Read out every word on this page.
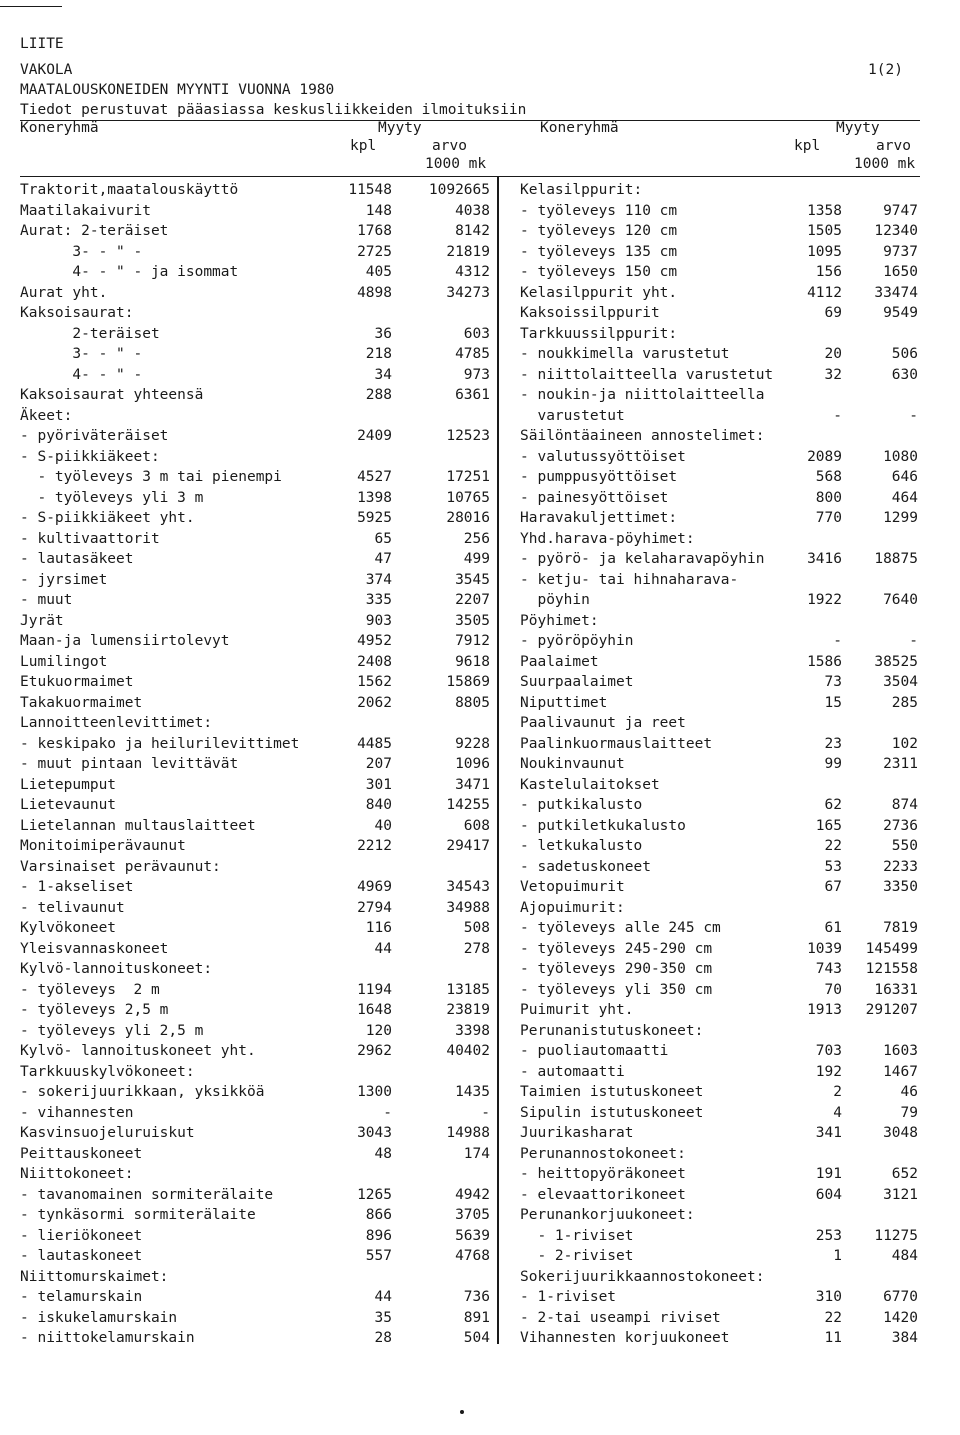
LIITE
VAKOLA	1(2)
MAATALOUSKONEIDEN MYYNTI VUONNA 1980
Tiedot perustuvat pääasiassa keskusliikkeiden ilmoituksiin
Koneryhmä	Myyty
kpl	arvo
1000 mk
Koneryhmä	Myyty
kpl	arvo
1000 mk
Traktorit,maatalouskäyttö	11548	1092665
Maatilakaivurit	148	4038
Aurat: 2-teräiset	1768	8142
3- - " -	2725	21819
4- - " - ja isommat	405	4312
Aurat yht.	4898	34273
Kaksoisaurat:
2-teräiset	36	603
3- - " -	218	4785
4- - " -	34	973
Kaksoisaurat yhteensä	288	6361
Äkeet:
- pyöriväteräiset	2409	12523
- S-piikkiäkeet:
- työleveys 3 m tai pienempi	4527	17251
- työleveys yli 3 m	1398	10765
- S-piikkiäkeet yht.	5925	28016
- kultivaattorit	65	256
- lautasäkeet	47	499
- jyrsimet	374	3545
- muut	335	2207
Jyrät	903	3505
Maan-ja lumensiirtolevyt	4952	7912
Lumilingot	2408	9618
Etukuormaimet	1562	15869
Takakuormaimet	2062	8805
Lannoitteenlevittimet:
- keskipako ja heilurilevittimet	4485	9228
- muut pintaan levittävät	207	1096
Lietepumput	301	3471
Lietevaunut	840	14255
Lietelannan multauslaitteet	40	608
Monitoimiperävaunut	2212	29417
Varsinaiset perävaunut:
- 1-akseliset	4969	34543
- telivaunut	2794	34988
Kylvökoneet	116	508
Yleisvannaskoneet	44	278
Kylvö-lannoituskoneet:
- työleveys  2 m	1194	13185
- työleveys 2,5 m	1648	23819
- työleveys yli 2,5 m	120	3398
Kylvö- lannoituskoneet yht.	2962	40402
Tarkkuuskylvökoneet:
- sokerijuurikkaan, yksikköä	1300	1435
- vihannesten	-	-
Kasvinsuojeluruiskut	3043	14988
Peittauskoneet	48	174
Niittokoneet:
- tavanomainen sormiterälaite	1265	4942
- tynkäsormi sormiterälaite	866	3705
- lieriökoneet	896	5639
- lautaskoneet	557	4768
Niittomurskaimet:
- telamurskain	44	736
- iskukelamurskain	35	891
- niittokelamurskain	28	504
Kelasilppurit:
- työleveys 110 cm	1358	9747
- työleveys 120 cm	1505 12340
- työleveys 135 cm	1095	9737
- työleveys 150 cm	156	1650
Kelasilppurit yht.	4112 33474
Kaksoissilppurit	69	9549
Tarkkuussilppurit:
- noukkimella varustetut	20	506
- niittolaitteella varustetut	32	630
- noukin-ja niittolaitteella
varustetut	-	-
Säilöntäaineen annostelimet:
- valutussyöttöiset	2089	1080
- pumppusyöttöiset	568	646
- painesyöttöiset	800	464
Haravakuljettimet:	770	1299
Yhd.harava-pöyhimet:
- pyörö- ja kelaharavapöyhin	3416 18875
- ketju- tai hihnaharava-
pöyhin	1922	7640
Pöyhimet:
- pyöröpöyhin	-	-
Paalaimet	1586 38525
Suurpaalaimet	73	3504
Niputtimet	15	285
Paalivaunut ja reet
Paalinkuormauslaitteet	23	102
Noukinvaunut	99	2311
Kastelulaitokset
- putkikalusto	62	874
- putkiletkukalusto	165	2736
- letkukalusto	22	550
- sadetuskoneet	53	2233
Vetopuimurit	67	3350
Ajopuimurit:
- työleveys alle 245 cm	61	7819
- työleveys 245-290 cm	1039 145499
- työleveys 290-350 cm	743 121558
- työleveys yli 350 cm	70 16331
Puimurit yht.	1913 291207
Perunanistutuskoneet:
- puoliautomaatti	703	1603
- automaatti	192	1467
Taimien istutuskoneet	2	46
Sipulin istutuskoneet	4	79
Juurikasharat	341	3048
Perunannostokoneet:
- heittopyöräkoneet	191	652
- elevaattorikoneet	604	3121
Perunankorjuukoneet:
- 1-riviset	253 11275
- 2-riviset	1	484
Sokerijuurikkaannostokoneet:
- 1-riviset	310	6770
- 2-tai useampi riviset	22	1420
Vihannesten korjuukoneet	11	384
